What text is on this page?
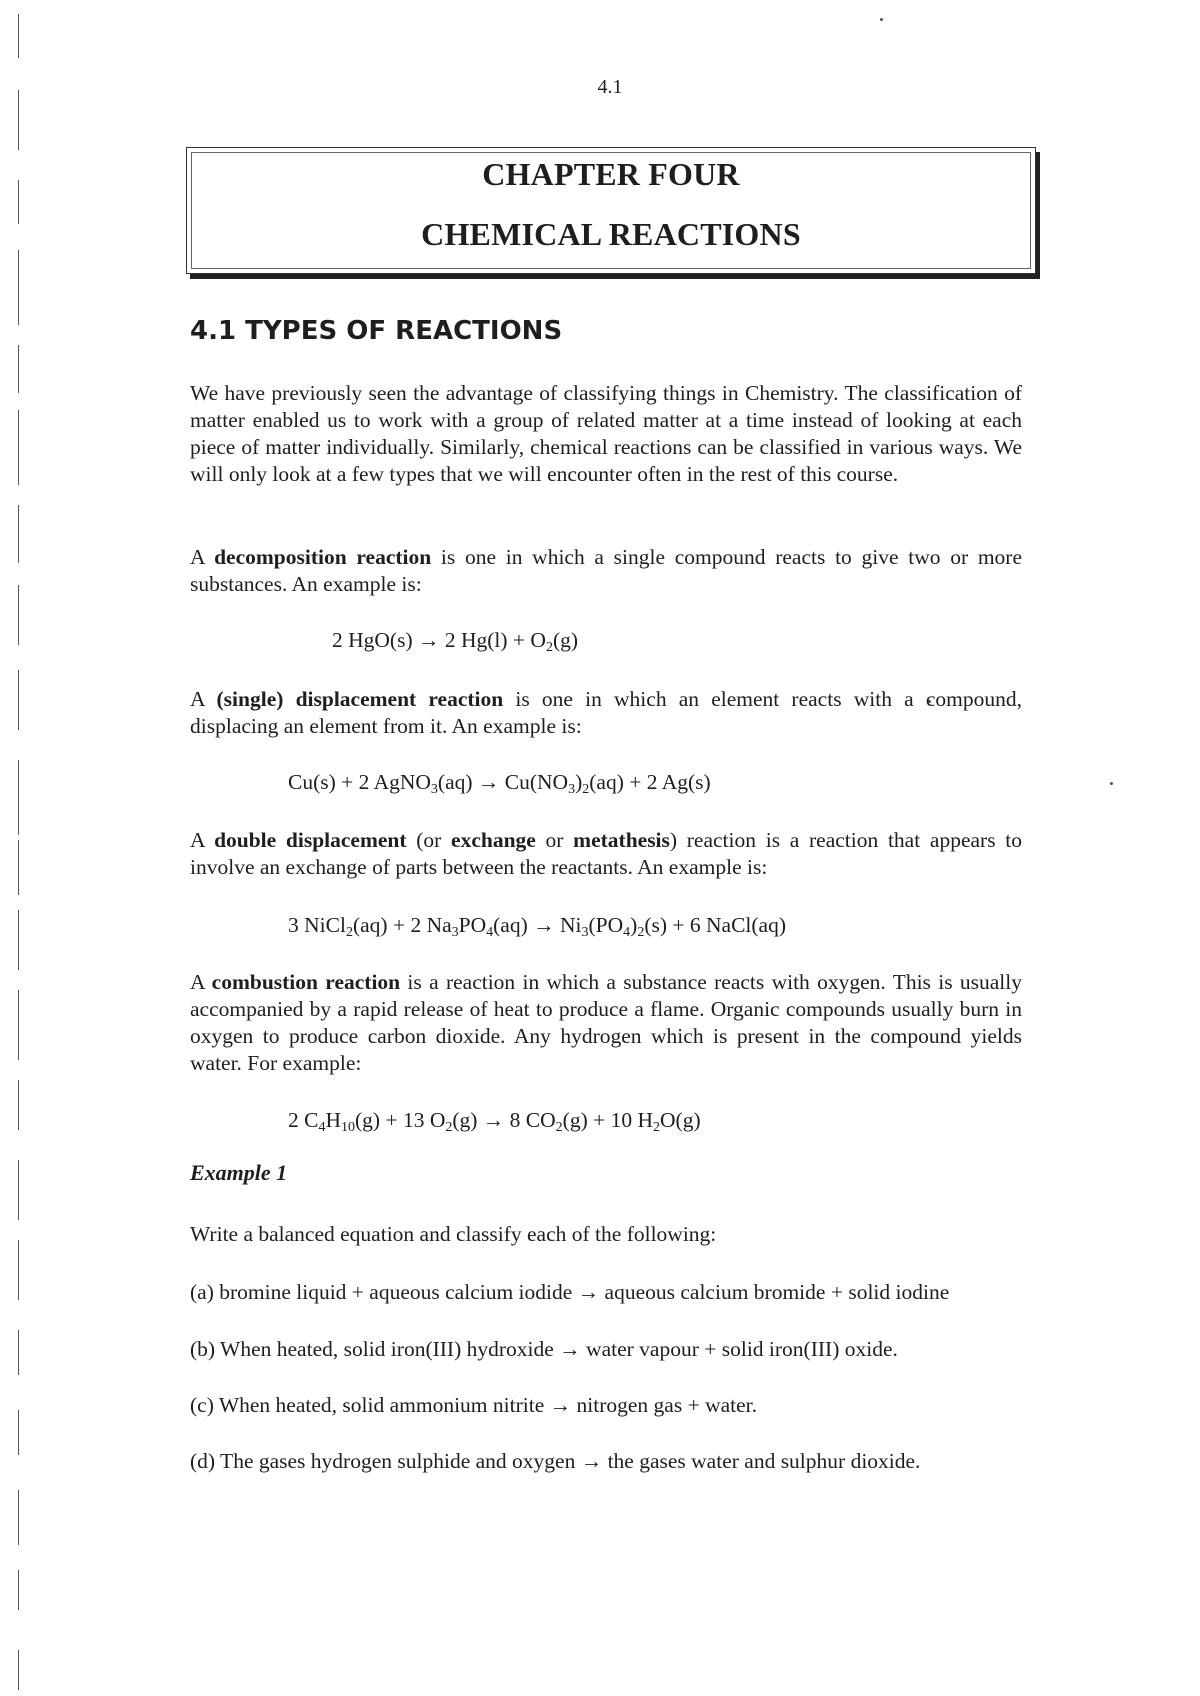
4.1
CHAPTER FOUR
CHEMICAL REACTIONS
4.1 TYPES OF REACTIONS

We have previously seen the advantage of classifying things in Chemistry. The classification of matter enabled us to work with a group of related matter at a time instead of looking at each piece of matter individually. Similarly, chemical reactions can be classified in various ways. We will only look at a few types that we will encounter often in the rest of this course.

A decomposition reaction is one in which a single compound reacts to give two or more substances. An example is:

2 HgO(s) → 2 $Hg(l) + O_2(g)$

A (single) displacement reaction is one in which an element reacts with a compound, displacing an element from it. An example is:

Cu(s) + 2 AgNO$_3$(aq) → $Cu(NO_3)_2(aq) + 2$ Ag(s)

A double displacement (or exchange or metathesis) reaction is a reaction that appears to involve an exchange of parts between the reactants. An example is:

3 NiCl$_2$(aq) + 2 $Na_3PO_4(aq) \to Ni_3(PO_4)_2(s) + 6$ NaCl(aq)

A combustion reaction is a reaction in which a substance reacts with oxygen. This is usually accompanied by a rapid release of heat to produce a flame. Organic compounds usually burn in oxygen to produce carbon dioxide. Any hydrogen which is present in the compound yields water. For example:

2 $C_4H_{10}(g) + 13$ $O_2(g) \to 8$ $CO_2(g) + 10$ $H_2O(g)$
Example 1
Write a balanced equation and classify each of the following:
(a) bromine liquid + aqueous calcium iodide → aqueous calcium bromide + solid iodine
(b) When heated, solid iron(III) hydroxide → water vapour + solid iron(III) oxide.
(c) When heated, solid ammonium nitrite → nitrogen gas + water.
(d) The gases hydrogen sulphide and oxygen → the gases water and sulphur dioxide.
